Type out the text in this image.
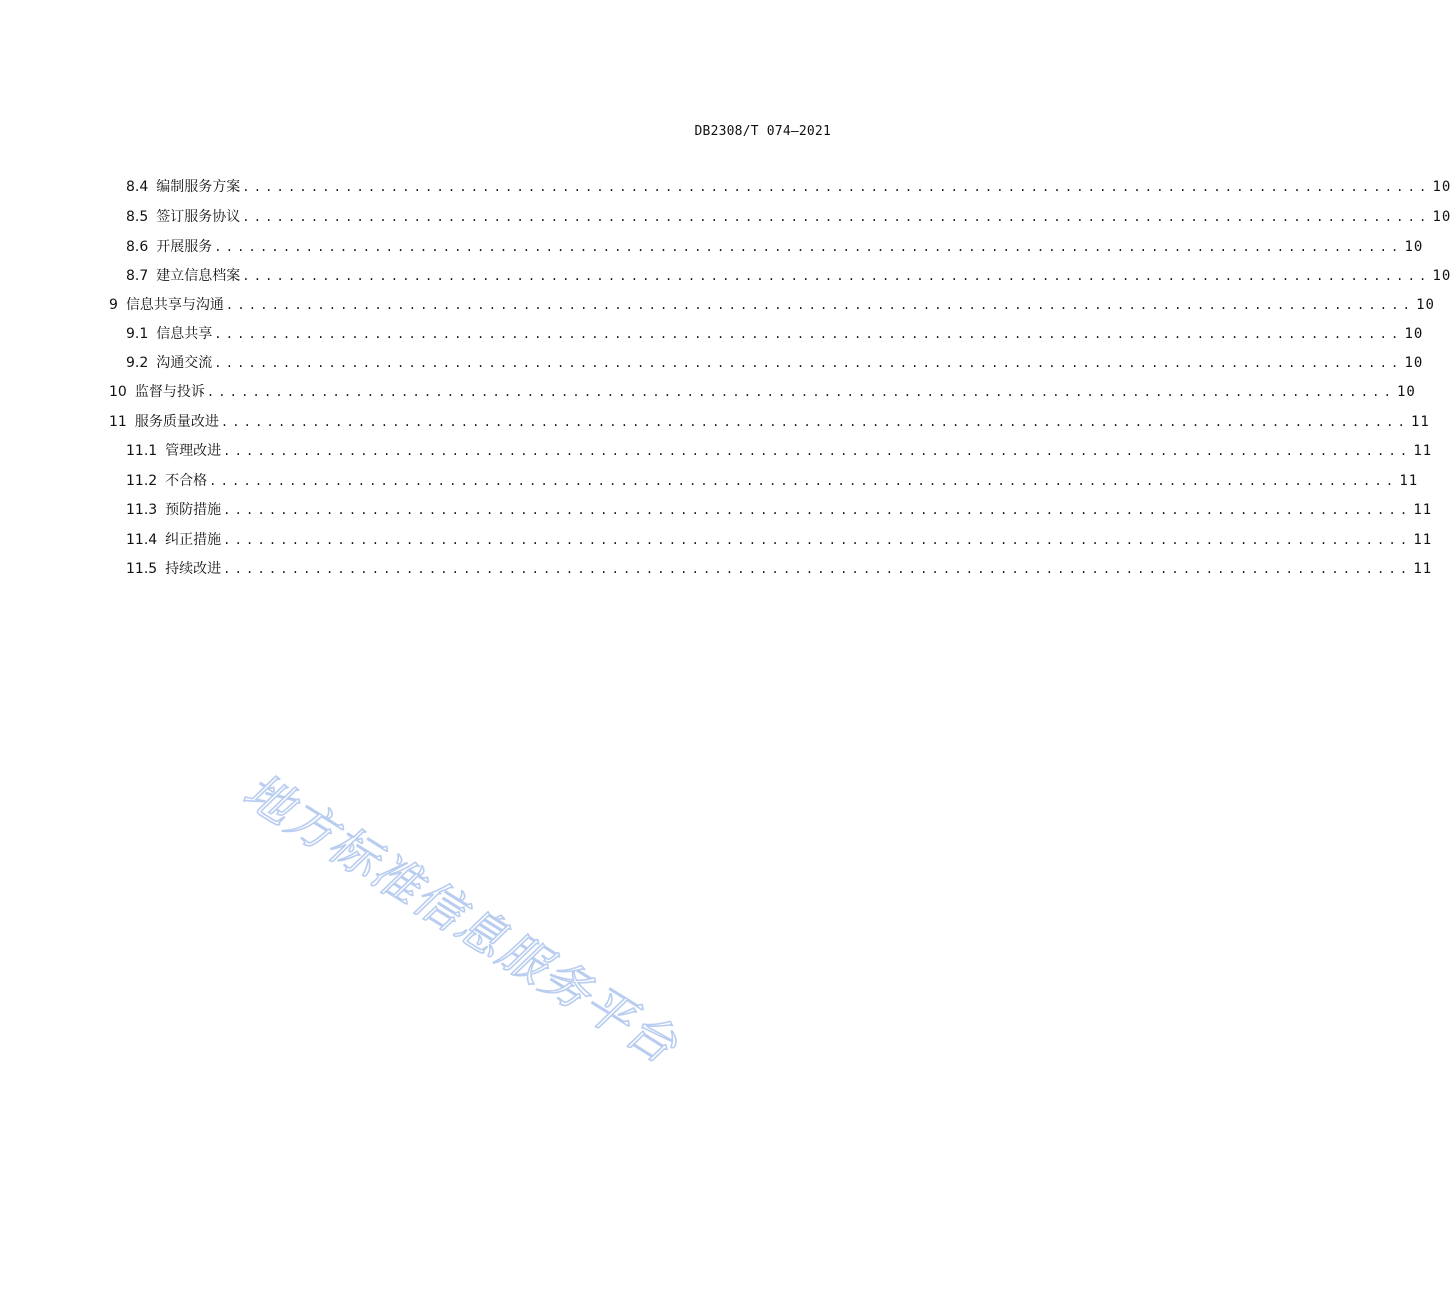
DB2308/T 074—2021
8.4 编制服务方案 ........................................................................................................ 10
8.5 签订服务协议 ........................................................................................................ 10
8.6 开展服务 ........................................................................................................ 10
8.7 建立信息档案 ........................................................................................................ 10
9 信息共享与沟通 ........................................................................................................ 10
9.1 信息共享 ........................................................................................................ 10
9.2 沟通交流 ........................................................................................................ 10
10 监督与投诉 ........................................................................................................ 10
11 服务质量改进 ........................................................................................................ 11
11.1 管理改进 ........................................................................................................ 11
11.2 不合格 ........................................................................................................ 11
11.3 预防措施 ........................................................................................................ 11
11.4 纠正措施 ........................................................................................................ 11
11.5 持续改进 ........................................................................................................ 11
地方标准信息服务平台
